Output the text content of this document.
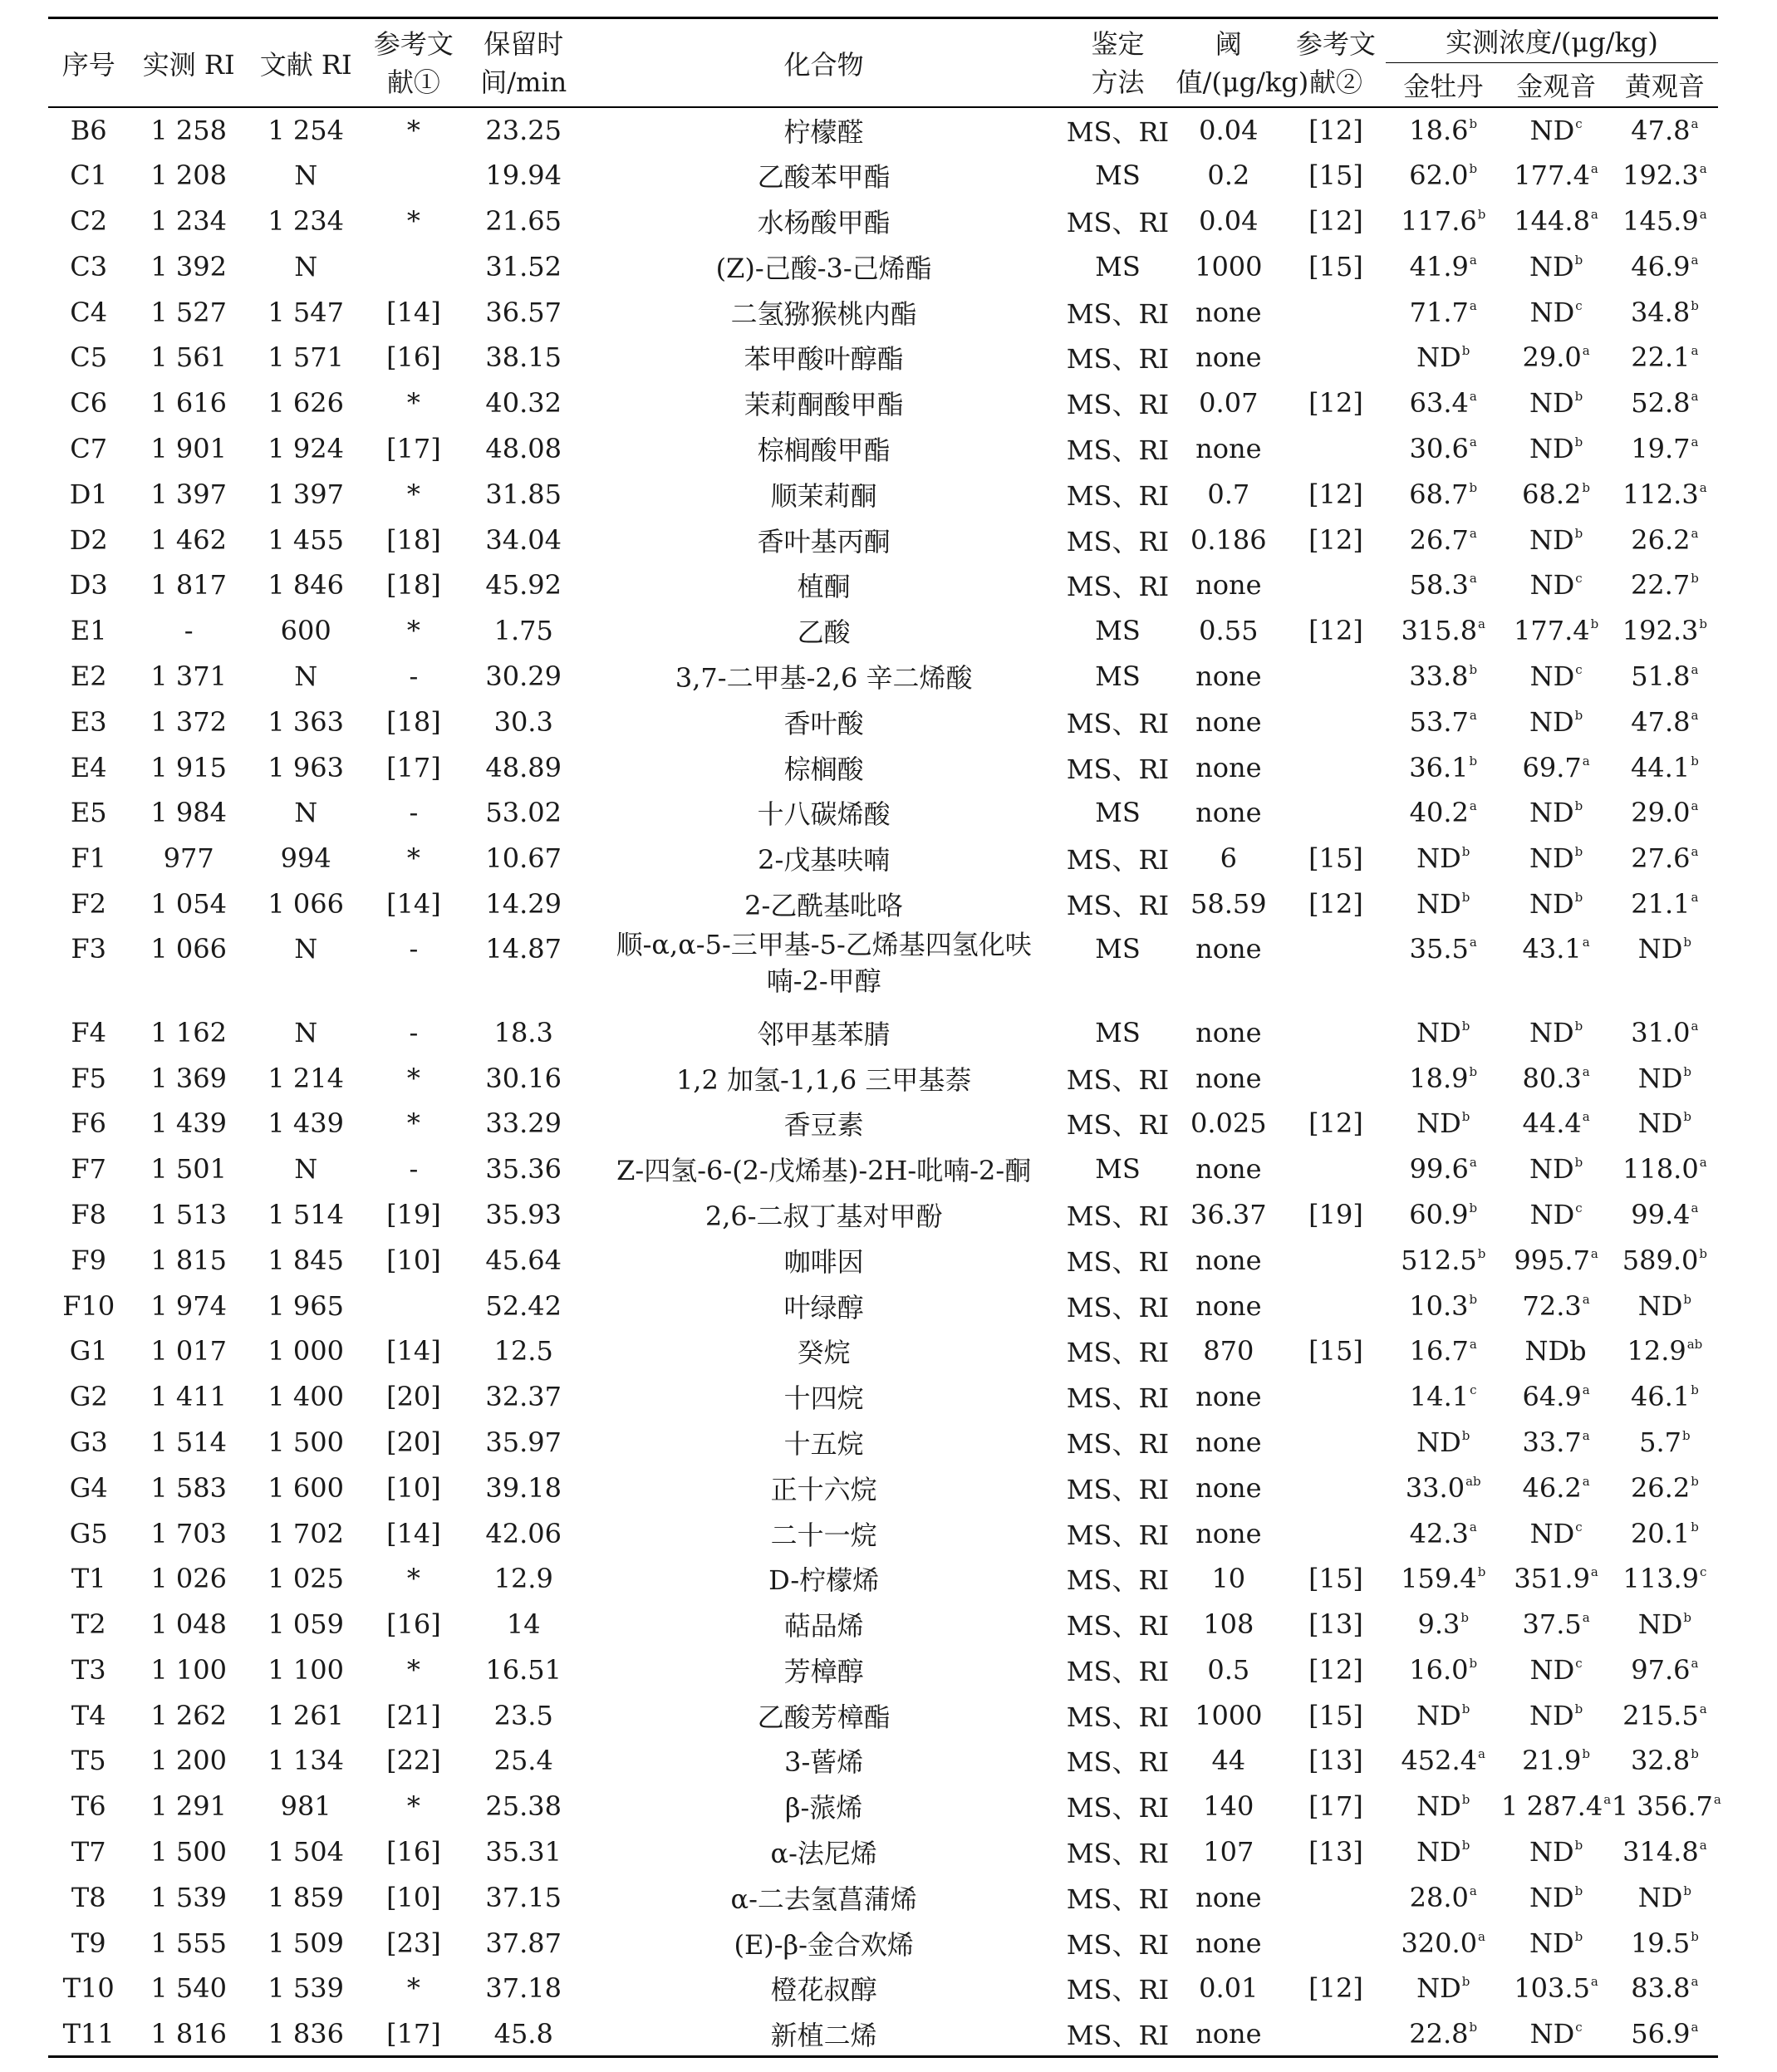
序号	实测 RI	文献 RI	参考文献①	保留时间/min	化合物	鉴定方法	阈值/(μg/kg)	参考文献②	实测浓度/(μg/kg)		
									金牡丹	金观音	黄观音
B6	1 258	1 254	*	23.25	柠檬醛	MS、RI	0.04	[12]	18.6$^b$	$ND^c$	47.8$^a$
C1	1 208	N		19.94	乙酸苯甲酯	MS	0.2	[15]	62.0$^b$	177.4$^a$	192.3$^a$
C2	1 234	1 234	*	21.65	水杨酸甲酯	MS、RI	0.04	[12]	117.6$^b$	144.8$^a$	145.9$^a$
C3	1 392	N		31.52	(Z)-己酸-3-己烯酯	MS	1000	[15]	41.9$^a$	$ND^b$	46.9$^a$
C4	1 527	1 547	[14]	36.57	二氢猕猴桃内酯	MS、RI	none		71.7$^a$	$ND^c$	34.8$^b$
C5	1 561	1 571	[16]	38.15	苯甲酸叶醇酯	MS、RI	none		$ND^b$	29.0$^a$	22.1$^a$
C6	1 616	1 626	*	40.32	茉莉酮酸甲酯	MS、RI	0.07	[12]	63.4$^a$	$ND^b$	52.8$^a$
C7	1 901	1 924	[17]	48.08	棕榈酸甲酯	MS、RI	none		30.6$^a$	$ND^b$	19.7$^a$
D1	1 397	1 397	*	31.85	顺茉莉酮	MS、RI	0.7	[12]	68.7$^b$	68.2$^b$	112.3$^a$
D2	1 462	1 455	[18]	34.04	香叶基丙酮	MS、RI	0.186	[12]	26.7$^a$	$ND^b$	26.2$^a$
D3	1 817	1 846	[18]	45.92	植酮	MS、RI	none		58.3$^a$	$ND^c$	22.7$^b$
E1	-	600	*	1.75	乙酸	MS	0.55	[12]	315.8$^a$	177.4$^b$	192.3$^b$
E2	1 371	N	-	30.29	3,7-二甲基-2,6 辛二烯酸	MS	none		33.8$^b$	$ND^c$	51.8$^a$
E3	1 372	1 363	[18]	30.3	香叶酸	MS、RI	none		53.7$^a$	$ND^b$	47.8$^a$
E4	1 915	1 963	[17]	48.89	棕榈酸	MS、RI	none		36.1$^b$	69.7$^a$	44.1$^b$
E5	1 984	N	-	53.02	十八碳烯酸	MS	none		40.2$^a$	$ND^b$	29.0$^a$
F1	977	994	*	10.67	2-戊基呋喃	MS、RI	6	[15]	$ND^b$	$ND^b$	27.6$^a$
F2	1 054	1 066	[14]	14.29	2-乙酰基吡咯	MS、RI	58.59	[12]	$ND^b$	$ND^b$	21.1$^a$
F3	1 066	N	-	14.87	顺-α,α-5-三甲基-5-乙烯基四氢化呋喃-2-甲醇	MS	none		35.5$^a$	43.1$^a$	$ND^b$
F4	1 162	N	-	18.3	邻甲基苯腈	MS	none		$ND^b$	$ND^b$	31.0$^a$
F5	1 369	1 214	*	30.16	1,2 加氢-1,1,6 三甲基萘	MS、RI	none		18.9$^b$	80.3$^a$	$ND^b$
F6	1 439	1 439	*	33.29	香豆素	MS、RI	0.025	[12]	$ND^b$	44.4$^a$	$ND^b$
F7	1 501	N	-	35.36	Z-四氢-6-(2-戊烯基)-2H-吡喃-2-酮	MS	none		99.6$^a$	$ND^b$	118.0$^a$
F8	1 513	1 514	[19]	35.93	2,6-二叔丁基对甲酚	MS、RI	36.37	[19]	60.9$^b$	$ND^c$	99.4$^a$
F9	1 815	1 845	[10]	45.64	咖啡因	MS、RI	none		512.5$^b$	995.7$^a$	589.0$^b$
F10	1 974	1 965		52.42	叶绿醇	MS、RI	none		10.3$^b$	72.3$^a$	$ND^b$
G1	1 017	1 000	[14]	12.5	癸烷	MS、RI	870	[15]	16.7$^a$	NDb	12.9$^{ab}$
G2	1 411	1 400	[20]	32.37	十四烷	MS、RI	none		14.1$^c$	64.9$^a$	46.1$^b$
G3	1 514	1 500	[20]	35.97	十五烷	MS、RI	none		$ND^b$	33.7$^a$	5.7$^b$
G4	1 583	1 600	[10]	39.18	正十六烷	MS、RI	none		33.0$^{ab}$	46.2$^a$	26.2$^b$
G5	1 703	1 702	[14]	42.06	二十一烷	MS、RI	none		42.3$^a$	$ND^c$	20.1$^b$
T1	1 026	1 025	*	12.9	D-柠檬烯	MS、RI	10	[15]	159.4$^b$	351.9$^a$	113.9$^c$
T2	1 048	1 059	[16]	14	萜品烯	MS、RI	108	[13]	9.3$^b$	37.5$^a$	$ND^b$
T3	1 100	1 100	*	16.51	芳樟醇	MS、RI	0.5	[12]	16.0$^b$	$ND^c$	97.6$^a$
T4	1 262	1 261	[21]	23.5	乙酸芳樟酯	MS、RI	1000	[15]	$ND^b$	$ND^b$	215.5$^a$
T5	1 200	1 134	[22]	25.4	3-蒈烯	MS、RI	44	[13]	452.4$^a$	21.9$^b$	32.8$^b$
T6	1 291	981	*	25.38	β-蒎烯	MS、RI	140	[17]	$ND^b$	1 287.4$^a$	1 356.7$^a$
T7	1 500	1 504	[16]	35.31	α-法尼烯	MS、RI	107	[13]	$ND^b$	$ND^b$	314.8$^a$
T8	1 539	1 859	[10]	37.15	α-二去氢菖蒲烯	MS、RI	none		28.0$^a$	$ND^b$	$ND^b$
T9	1 555	1 509	[23]	37.87	(E)-β-金合欢烯	MS、RI	none		320.0$^a$	$ND^b$	19.5$^b$
T10	1 540	1 539	*	37.18	橙花叔醇	MS、RI	0.01	[12]	$ND^b$	103.5$^a$	83.8$^a$
T11	1 816	1 836	[17]	45.8	新植二烯	MS、RI	none		22.8$^b$	$ND^c$	56.9$^a$
